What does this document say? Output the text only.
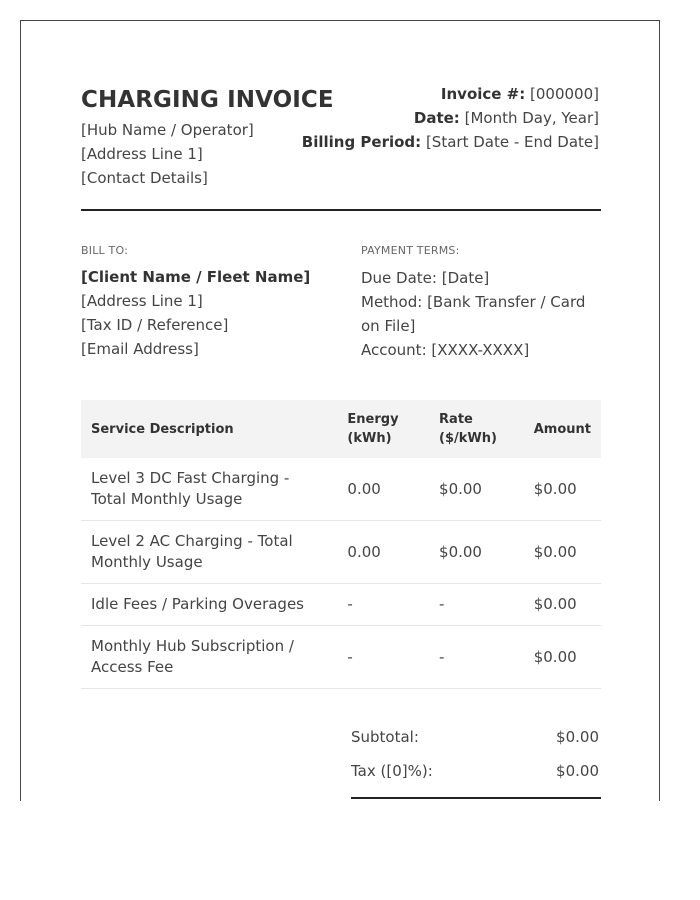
CHARGING INVOICE
[Hub Name / Operator]
[Address Line 1]
[Contact Details]
Invoice #: [000000]
Date: [Month Day, Year]
Billing Period: [Start Date - End Date]
BILL TO:
[Client Name / Fleet Name]
[Address Line 1]
[Tax ID / Reference]
[Email Address]
PAYMENT TERMS:
Due Date: [Date]
Method: [Bank Transfer / Card on File]
Account: [XXXX-XXXX]
Service Description	Energy (kWh)	Rate ($/kWh)	Amount
Level 3 DC Fast Charging - Total Monthly Usage	0.00	$0.00	$0.00
Level 2 AC Charging - Total Monthly Usage	0.00	$0.00	$0.00
Idle Fees / Parking Overages	-	-	$0.00
Monthly Hub Subscription / Access Fee	-	-	$0.00
Subtotal:	$0.00
Tax ([0]%):	$0.00
